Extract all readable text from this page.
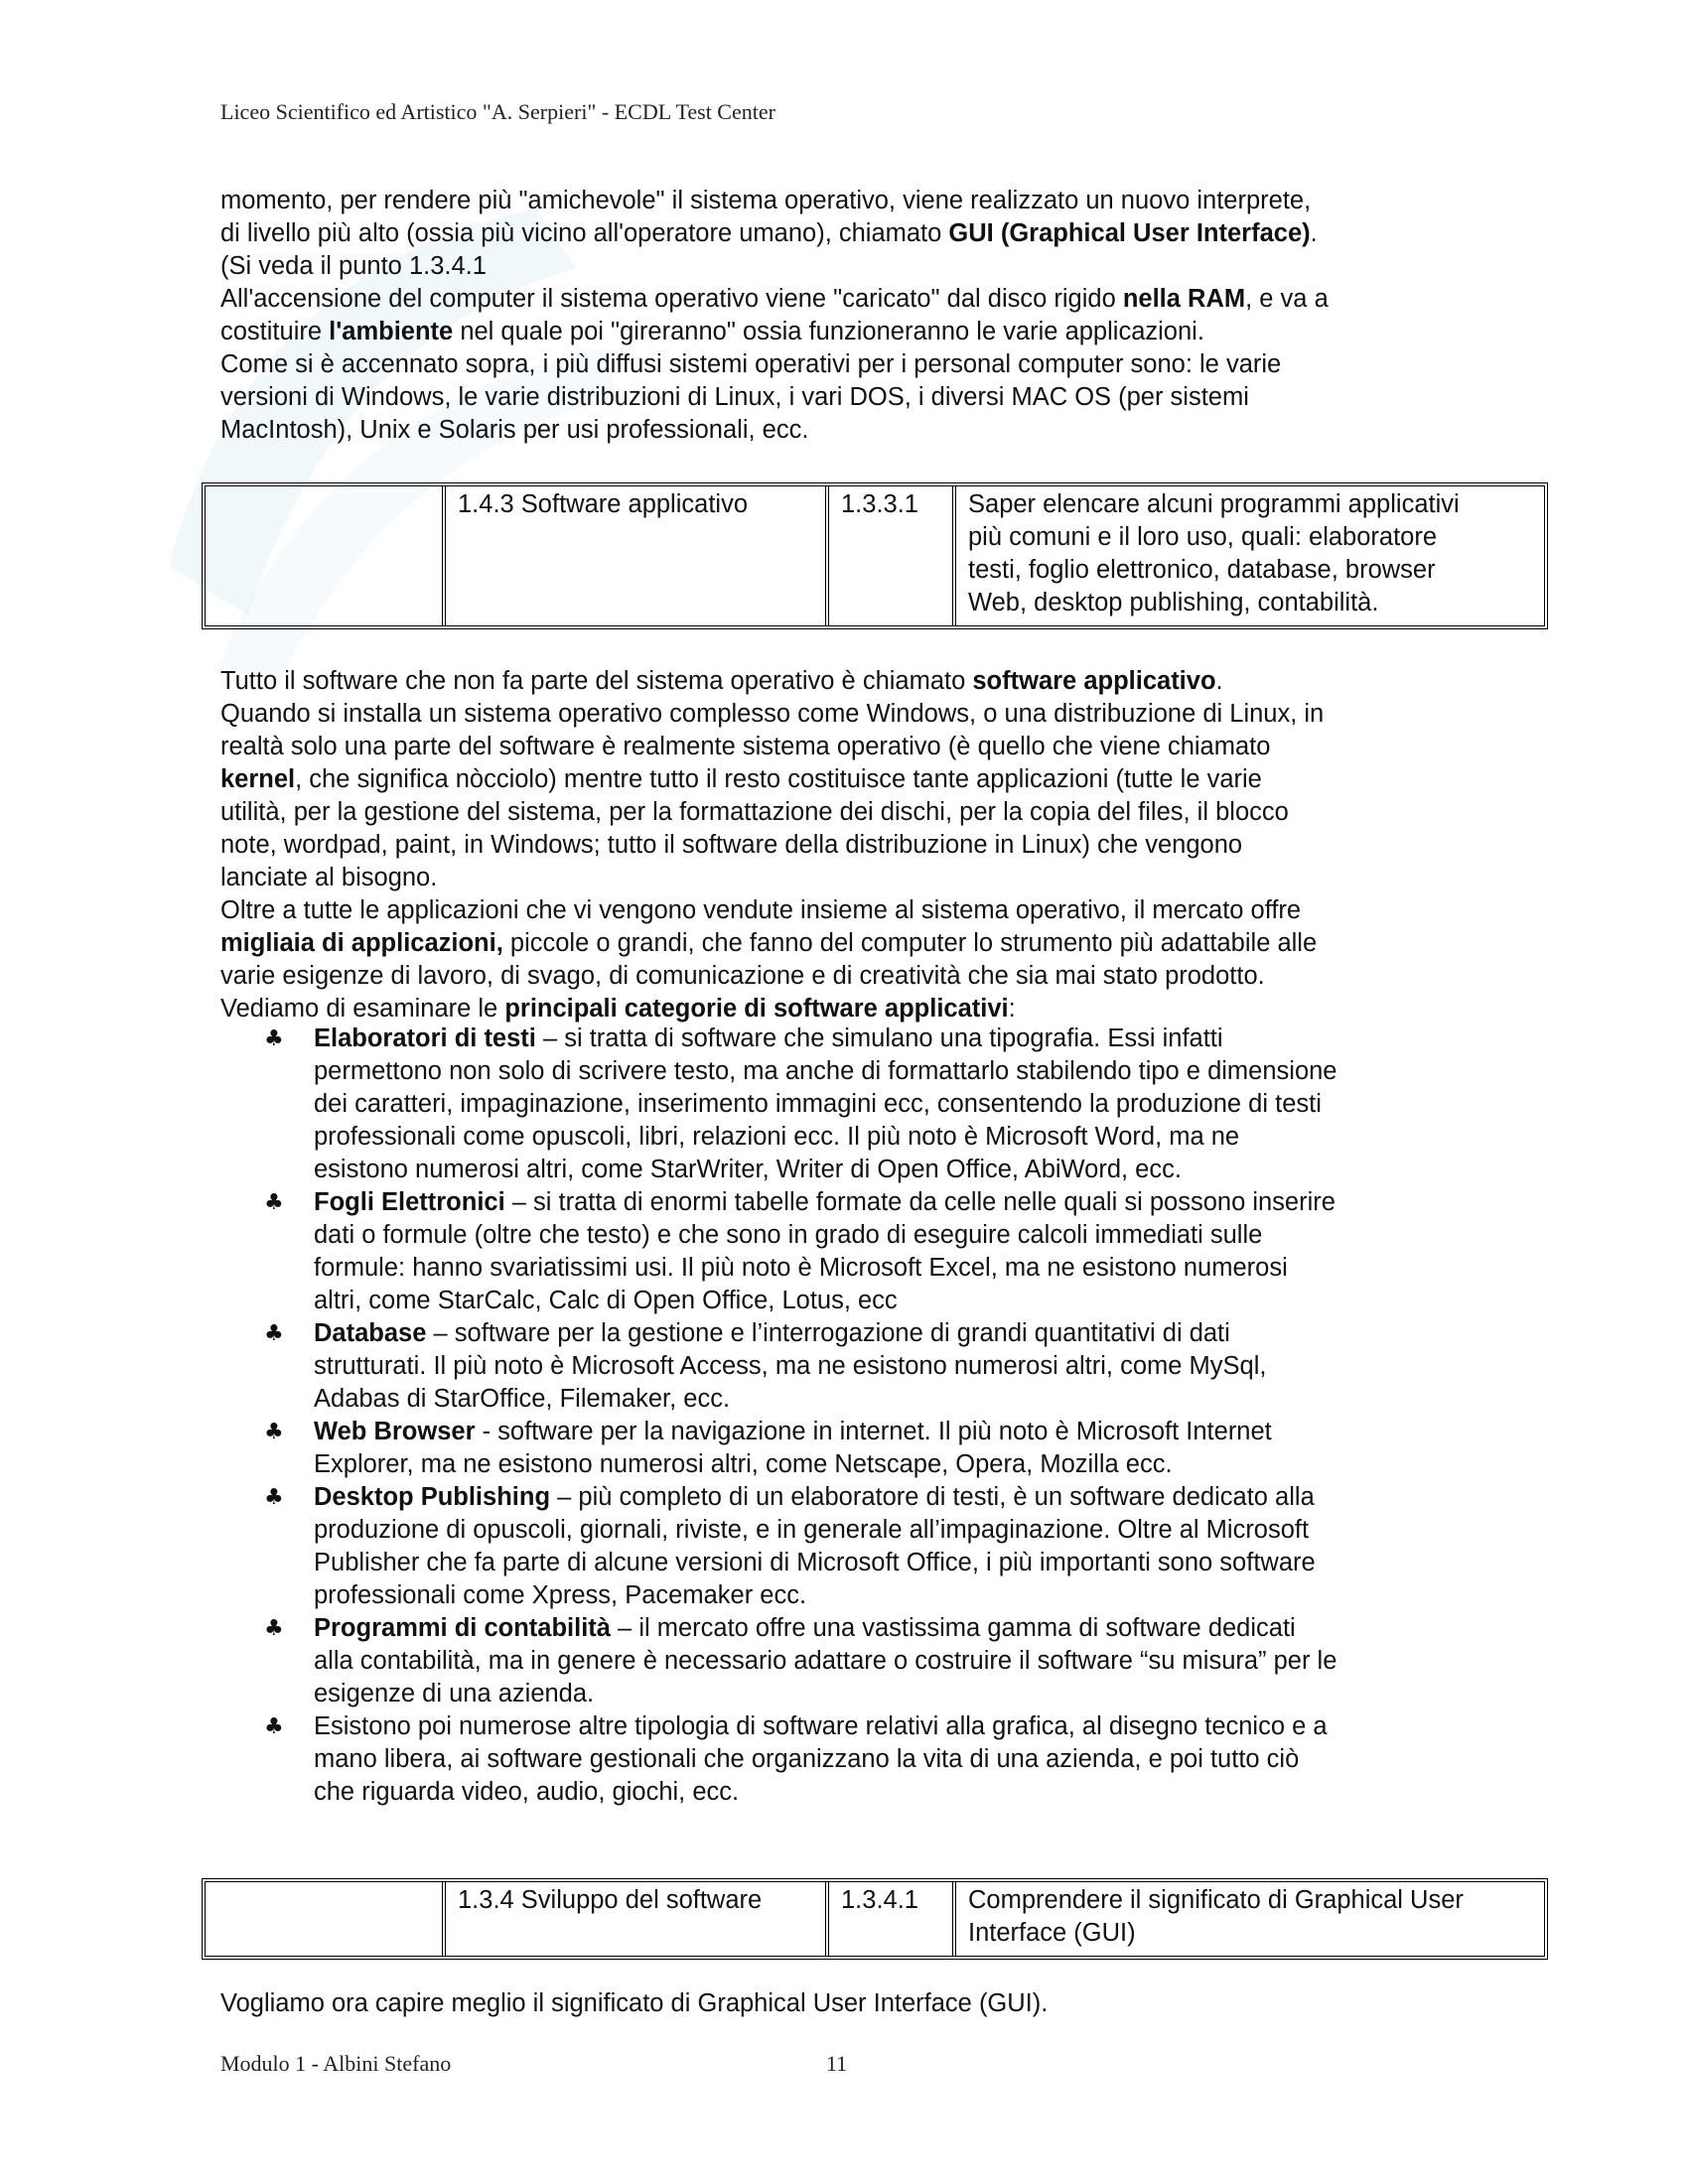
Liceo Scientifico ed Artistico "A. Serpieri" - ECDL Test Center
momento, per rendere più "amichevole" il sistema operativo, viene realizzato un nuovo interprete,
di livello più alto (ossia più vicino all'operatore umano), chiamato GUI (Graphical User Interface).
(Si veda il punto 1.3.4.1
All'accensione del computer il sistema operativo viene "caricato" dal disco rigido nella RAM, e va a
costituire l'ambiente nel quale poi "gireranno" ossia funzioneranno le varie applicazioni.
Come si è accennato sopra, i più diffusi sistemi operativi per i personal computer sono: le varie
versioni di Windows, le varie distribuzioni di Linux, i vari DOS, i diversi MAC OS (per sistemi
MacIntosh), Unix e Solaris per usi professionali, ecc.
1.4.3 Software applicativo	1.3.3.1	Saper elencare alcuni programmi applicativi
più comuni e il loro uso, quali: elaboratore
testi, foglio elettronico, database, browser
Web, desktop publishing, contabilità.
Tutto il software che non fa parte del sistema operativo è chiamato software applicativo.
Quando si installa un sistema operativo complesso come Windows, o una distribuzione di Linux, in
realtà solo una parte del software è realmente sistema operativo (è quello che viene chiamato
kernel, che significa nòcciolo) mentre tutto il resto costituisce tante applicazioni (tutte le varie
utilità, per la gestione del sistema, per la formattazione dei dischi, per la copia del files, il blocco
note, wordpad, paint, in Windows; tutto il software della distribuzione in Linux) che vengono
lanciate al bisogno.
Oltre a tutte le applicazioni che vi vengono vendute insieme al sistema operativo, il mercato offre
migliaia di applicazioni, piccole o grandi, che fanno del computer lo strumento più adattabile alle
varie esigenze di lavoro, di svago, di comunicazione e di creatività che sia mai stato prodotto.
Vediamo di esaminare le principali categorie di software applicativi:
♣ Elaboratori di testi – si tratta di software che simulano una tipografia. Essi infatti
permettono non solo di scrivere testo, ma anche di formattarlo stabilendo tipo e dimensione
dei caratteri, impaginazione, inserimento immagini ecc, consentendo la produzione di testi
professionali come opuscoli, libri, relazioni ecc. Il più noto è Microsoft Word, ma ne
esistono numerosi altri, come StarWriter, Writer di Open Office, AbiWord, ecc.
♣ Fogli Elettronici – si tratta di enormi tabelle formate da celle nelle quali si possono inserire
dati o formule (oltre che testo) e che sono in grado di eseguire calcoli immediati sulle
formule: hanno svariatissimi usi. Il più noto è Microsoft Excel, ma ne esistono numerosi
altri, come StarCalc, Calc di Open Office, Lotus, ecc
♣ Database – software per la gestione e l’interrogazione di grandi quantitativi di dati
strutturati. Il più noto è Microsoft Access, ma ne esistono numerosi altri, come MySql,
Adabas di StarOffice, Filemaker, ecc.
♣ Web Browser - software per la navigazione in internet. Il più noto è Microsoft Internet
Explorer, ma ne esistono numerosi altri, come Netscape, Opera, Mozilla ecc.
♣ Desktop Publishing – più completo di un elaboratore di testi, è un software dedicato alla
produzione di opuscoli, giornali, riviste, e in generale all’impaginazione. Oltre al Microsoft
Publisher che fa parte di alcune versioni di Microsoft Office, i più importanti sono software
professionali come Xpress, Pacemaker ecc.
♣ Programmi di contabilità – il mercato offre una vastissima gamma di software dedicati
alla contabilità, ma in genere è necessario adattare o costruire il software “su misura” per le
esigenze di una azienda.
♣ Esistono poi numerose altre tipologia di software relativi alla grafica, al disegno tecnico e a
mano libera, ai software gestionali che organizzano la vita di una azienda, e poi tutto ciò
che riguarda video, audio, giochi, ecc.
1.3.4 Sviluppo del software	1.3.4.1	Comprendere il significato di Graphical User
Interface (GUI)
Vogliamo ora capire meglio il significato di Graphical User Interface (GUI).
Modulo 1 - Albini Stefano	11
